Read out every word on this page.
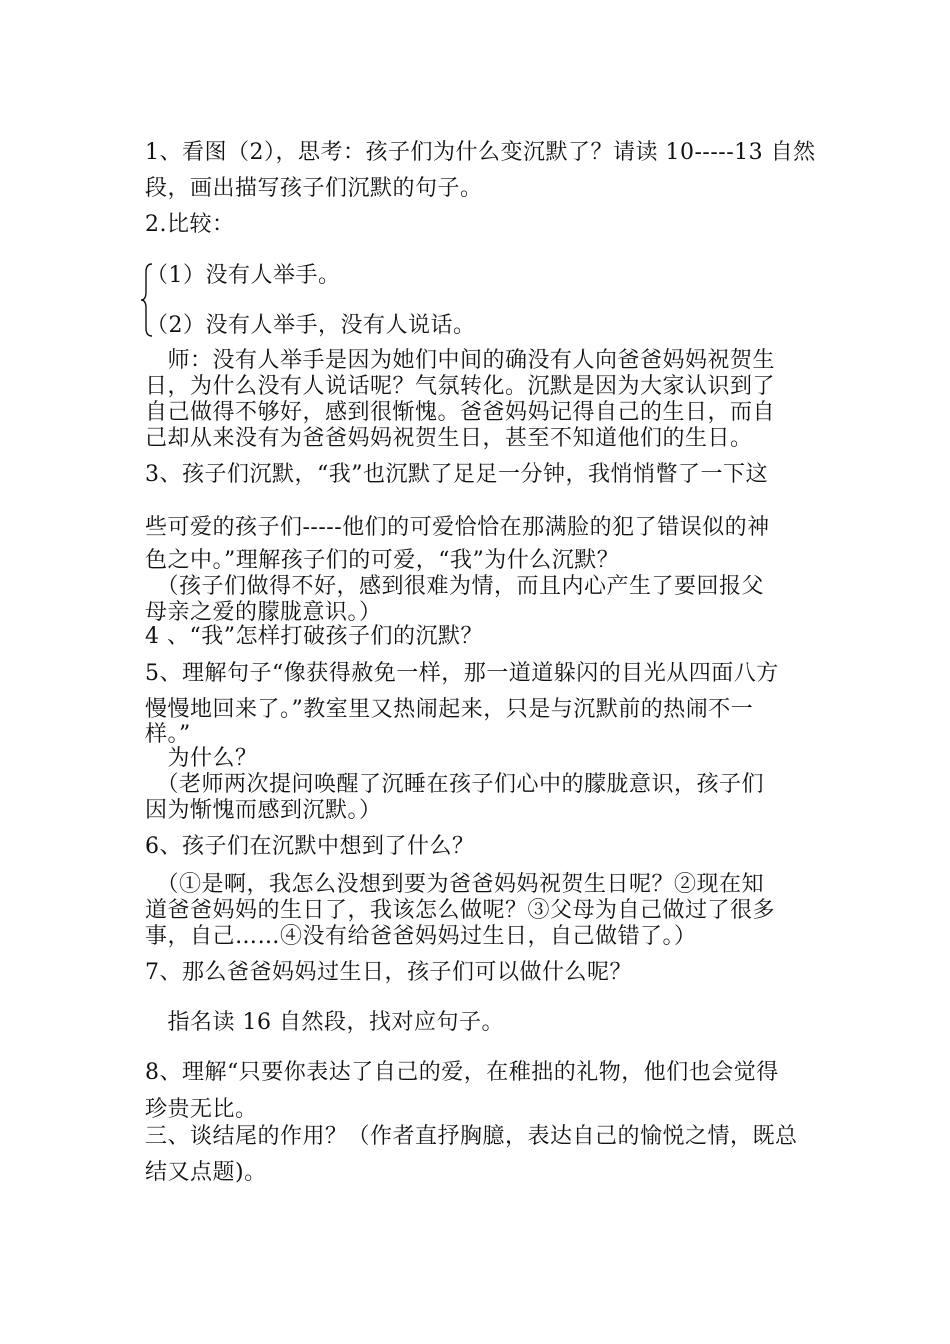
1、看图（2），思考：孩子们为什么变沉默了？请读 10-----13 自然
段，画出描写孩子们沉默的句子。
2.比较：
（1）没有人举手。
（2）没有人举手，没有人说话。
　师：没有人举手是因为她们中间的确没有人向爸爸妈妈祝贺生
日，为什么没有人说话呢？气氛转化。沉默是因为大家认识到了
自己做得不够好，感到很惭愧。爸爸妈妈记得自己的生日，而自
己却从来没有为爸爸妈妈祝贺生日，甚至不知道他们的生日。
3、孩子们沉默，“我”也沉默了足足一分钟，我悄悄瞥了一下这
些可爱的孩子们-----他们的可爱恰恰在那满脸的犯了错误似的神
色之中。”理解孩子们的可爱，“我”为什么沉默？
　（孩子们做得不好，感到很难为情，而且内心产生了要回报父
母亲之爱的朦胧意识。）
4 、“我”怎样打破孩子们的沉默？
5、理解句子“像获得赦免一样，那一道道躲闪的目光从四面八方
慢慢地回来了。”教室里又热闹起来，只是与沉默前的热闹不一
样。”
　为什么？
　（老师两次提问唤醒了沉睡在孩子们心中的朦胧意识，孩子们
因为惭愧而感到沉默。）
6、孩子们在沉默中想到了什么？
　（①是啊，我怎么没想到要为爸爸妈妈祝贺生日呢？②现在知
道爸爸妈妈的生日了，我该怎么做呢？③父母为自己做过了很多
事，自己……④没有给爸爸妈妈过生日，自己做错了。）
7、那么爸爸妈妈过生日，孩子们可以做什么呢？
　指名读 16 自然段，找对应句子。
8、理解“只要你表达了自己的爱，在稚拙的礼物，他们也会觉得
珍贵无比。
三、谈结尾的作用？（作者直抒胸臆，表达自己的愉悦之情，既总
结又点题)。
